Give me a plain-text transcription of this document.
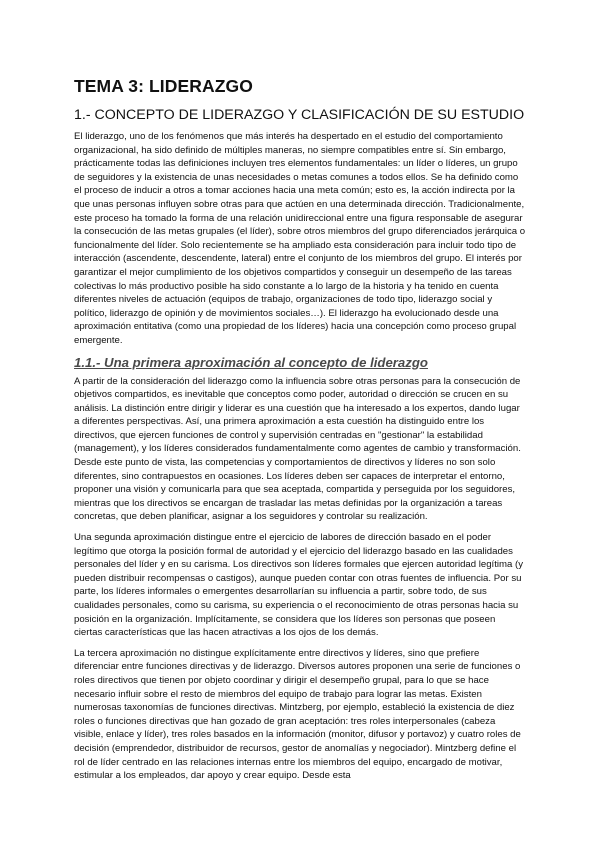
TEMA 3: LIDERAZGO
1.- CONCEPTO DE LIDERAZGO Y CLASIFICACIÓN DE SU ESTUDIO

El liderazgo, uno de los fenómenos que más interés ha despertado en el estudio del comportamiento organizacional, ha sido definido de múltiples maneras, no siempre compatibles entre sí. Sin embargo, prácticamente todas las definiciones incluyen tres elementos fundamentales: un líder o líderes, un grupo de seguidores y la existencia de unas necesidades o metas comunes a todos ellos. Se ha definido como el proceso de inducir a otros a tomar acciones hacia una meta común; esto es, la acción indirecta por la que unas personas influyen sobre otras para que actúen en una determinada dirección. Tradicionalmente, este proceso ha tomado la forma de una relación unidireccional entre una figura responsable de asegurar la consecución de las metas grupales (el líder), sobre otros miembros del grupo diferenciados jerárquica o funcionalmente del líder. Solo recientemente se ha ampliado esta consideración para incluir todo tipo de interacción (ascendente, descendente, lateral) entre el conjunto de los miembros del grupo. El interés por garantizar el mejor cumplimiento de los objetivos compartidos y conseguir un desempeño de las tareas colectivas lo más productivo posible ha sido constante a lo largo de la historia y ha tenido en cuenta diferentes niveles de actuación (equipos de trabajo, organizaciones de todo tipo, liderazgo social y político, liderazgo de opinión y de movimientos sociales…). El liderazgo ha evolucionado desde una aproximación entitativa (como una propiedad de los líderes) hacia una concepción como proceso grupal emergente.

1.1.- Una primera aproximación al concepto de liderazgo

A partir de la consideración del liderazgo como la influencia sobre otras personas para la consecución de objetivos compartidos, es inevitable que conceptos como poder, autoridad o dirección se crucen en su análisis. La distinción entre dirigir y liderar es una cuestión que ha interesado a los expertos, dando lugar a diferentes perspectivas. Así, una primera aproximación a esta cuestión ha distinguido entre los directivos, que ejercen funciones de control y supervisión centradas en "gestionar" la estabilidad (management), y los líderes considerados fundamentalmente como agentes de cambio y transformación. Desde este punto de vista, las competencias y comportamientos de directivos y líderes no son solo diferentes, sino contrapuestos en ocasiones. Los líderes deben ser capaces de interpretar el entorno, proponer una visión y comunicarla para que sea aceptada, compartida y perseguida por los seguidores, mientras que los directivos se encargan de trasladar las metas definidas por la organización a tareas concretas, que deben planificar, asignar a los seguidores y controlar su realización.

Una segunda aproximación distingue entre el ejercicio de labores de dirección basado en el poder legítimo que otorga la posición formal de autoridad y el ejercicio del liderazgo basado en las cualidades personales del líder y en su carisma. Los directivos son líderes formales que ejercen autoridad legítima (y pueden distribuir recompensas o castigos), aunque pueden contar con otras fuentes de influencia. Por su parte, los líderes informales o emergentes desarrollarían su influencia a partir, sobre todo, de sus cualidades personales, como su carisma, su experiencia o el reconocimiento de otras personas hacia su posición en la organización. Implícitamente, se considera que los líderes son personas que poseen ciertas características que las hacen atractivas a los ojos de los demás.

La tercera aproximación no distingue explícitamente entre directivos y líderes, sino que prefiere diferenciar entre funciones directivas y de liderazgo. Diversos autores proponen una serie de funciones o roles directivos que tienen por objeto coordinar y dirigir el desempeño grupal, para lo que se hace necesario influir sobre el resto de miembros del equipo de trabajo para lograr las metas. Existen numerosas taxonomías de funciones directivas. Mintzberg, por ejemplo, estableció la existencia de diez roles o funciones directivas que han gozado de gran aceptación: tres roles interpersonales (cabeza visible, enlace y líder), tres roles basados en la información (monitor, difusor y portavoz) y cuatro roles de decisión (emprendedor, distribuidor de recursos, gestor de anomalías y negociador). Mintzberg define el rol de líder centrado en las relaciones internas entre los miembros del equipo, encargado de motivar, estimular a los empleados, dar apoyo y crear equipo. Desde esta
